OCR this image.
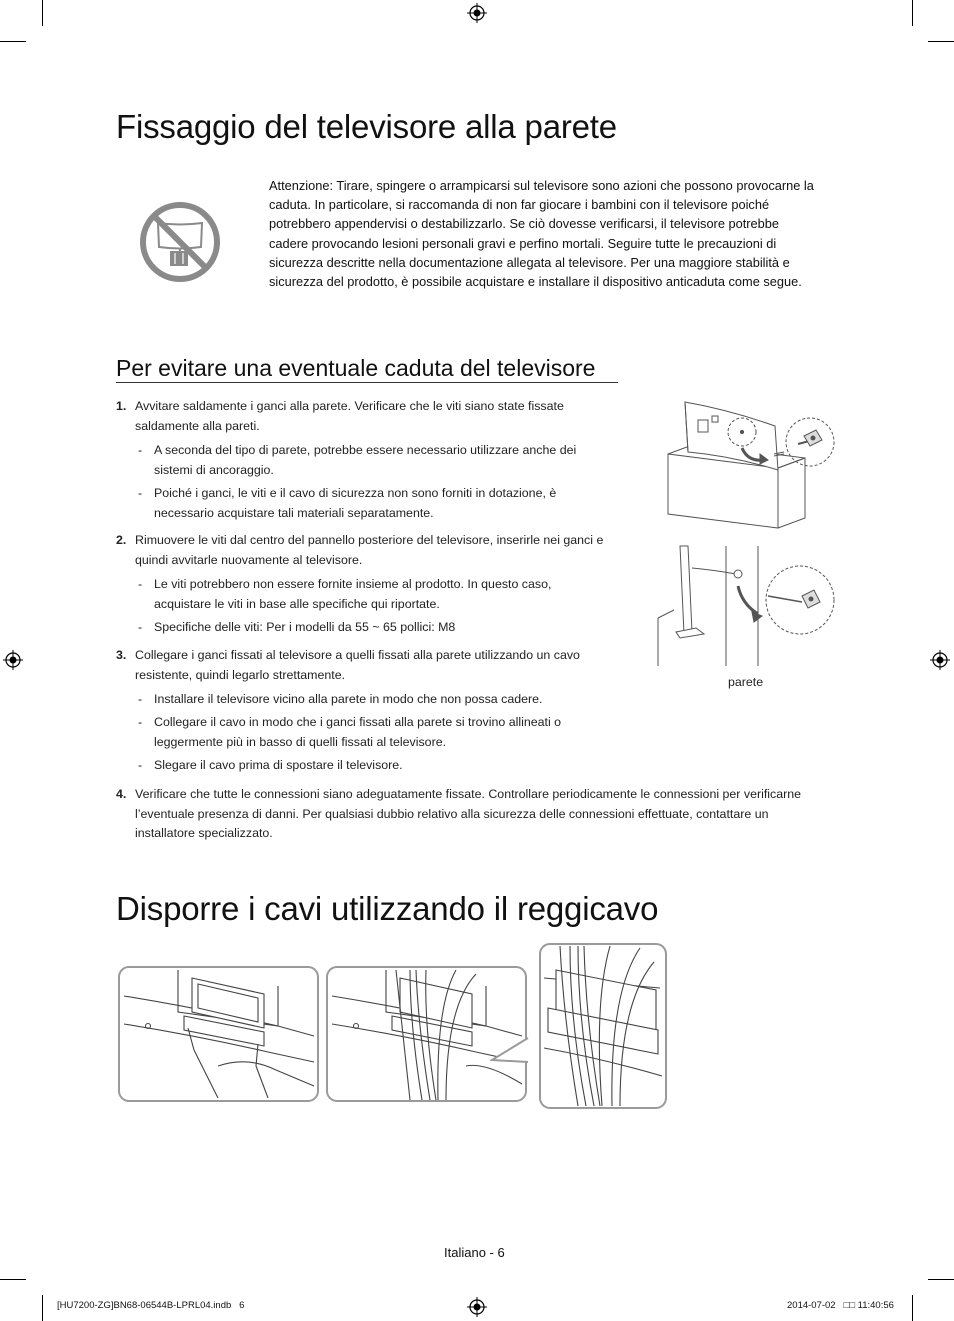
Fissaggio del televisore alla parete
Attenzione: Tirare, spingere o arrampicarsi sul televisore sono azioni che possono provocarne la caduta. In particolare, si raccomanda di non far giocare i bambini con il televisore poiché potrebbero appendervisi o destabilizzarlo. Se ciò dovesse verificarsi, il televisore potrebbe cadere provocando lesioni personali gravi e perfino mortali. Seguire tutte le precauzioni di sicurezza descritte nella documentazione allegata al televisore. Per una maggiore stabilità e sicurezza del prodotto, è possibile acquistare e installare il dispositivo anticaduta come segue.
Per evitare una eventuale caduta del televisore
1. Avvitare saldamente i ganci alla parete. Verificare che le viti siano state fissate saldamente alla pareti.
- A seconda del tipo di parete, potrebbe essere necessario utilizzare anche dei sistemi di ancoraggio.
- Poiché i ganci, le viti e il cavo di sicurezza non sono forniti in dotazione, è necessario acquistare tali materiali separatamente.
2. Rimuovere le viti dal centro del pannello posteriore del televisore, inserirle nei ganci e quindi avvitarle nuovamente al televisore.
- Le viti potrebbero non essere fornite insieme al prodotto. In questo caso, acquistare le viti in base alle specifiche qui riportate.
- Specifiche delle viti: Per i modelli da 55 ~ 65 pollici: M8
3. Collegare i ganci fissati al televisore a quelli fissati alla parete utilizzando un cavo resistente, quindi legarlo strettamente.
- Installare il televisore vicino alla parete in modo che non possa cadere.
- Collegare il cavo in modo che i ganci fissati alla parete si trovino allineati o leggermente più in basso di quelli fissati al televisore.
- Slegare il cavo prima di spostare il televisore.
4. Verificare che tutte le connessioni siano adeguatamente fissate. Controllare periodicamente le connessioni per verificarne l’eventuale presenza di danni. Per qualsiasi dubbio relativo alla sicurezza delle connessioni effettuate, contattare un installatore specializzato.
parete
Disporre i cavi utilizzando il reggicavo
Italiano - 6
[HU7200-ZG]BN68-06544B-LPRL04.indb   6	2014-07-02   □□ 11:40:56
